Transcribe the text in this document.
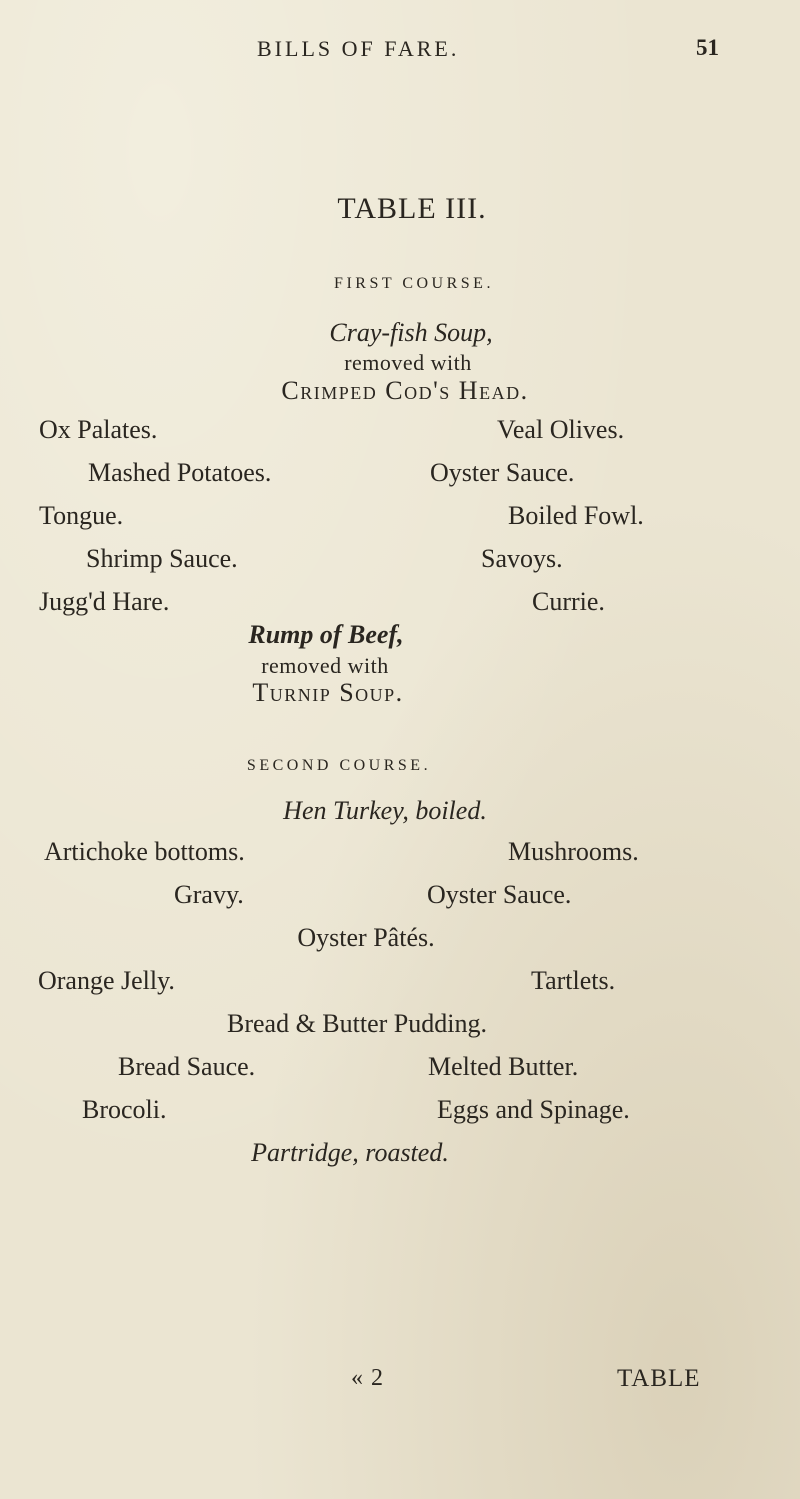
BILLS OF FARE.	51
TABLE III.
FIRST COURSE.
Cray-fish Soup,
removed with
Crimped Cod's Head.
Ox Palates.	Veal Olives.
Mashed Potatoes.	Oyster Sauce.
Tongue.	Boiled Fowl.
Shrimp Sauce.	Savoys.
Jugg'd Hare.	Currie.
Rump of Beef,
removed with
Turnip Soup.
SECOND COURSE.
Hen Turkey, boiled.
Artichoke bottoms.	Mushrooms.
Gravy.	Oyster Sauce.
Oyster Pâtés.
Orange Jelly.	Tartlets.
Bread & Butter Pudding.
Bread Sauce.	Melted Butter.
Brocoli.	Eggs and Spinage.
Partridge, roasted.
« 2	TABLE
